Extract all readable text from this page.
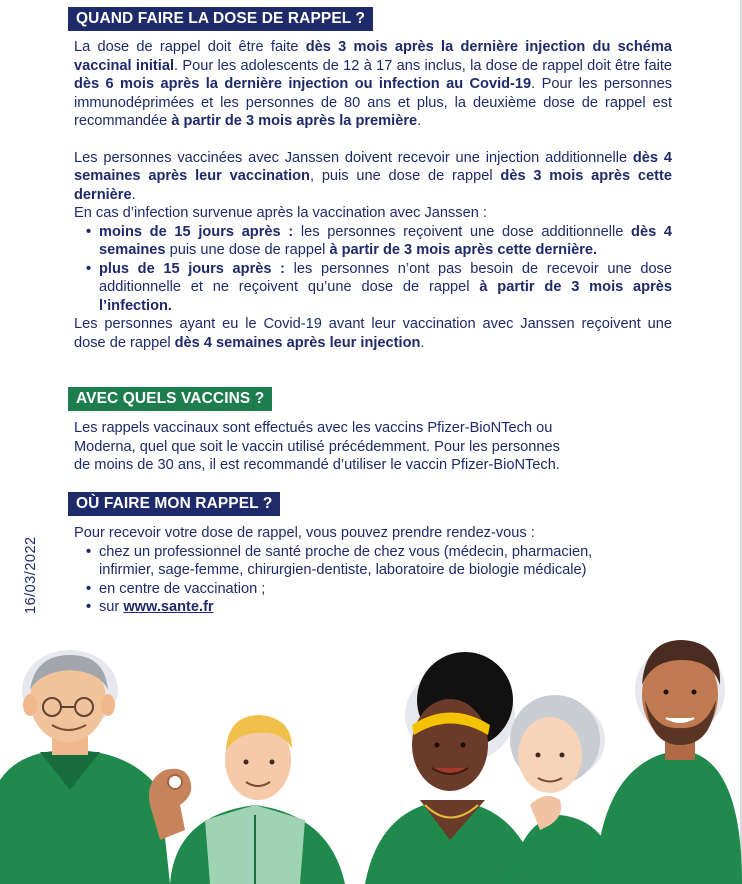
16/03/2022
QUAND FAIRE LA DOSE DE RAPPEL ?

La dose de rappel doit être faite dès 3 mois après la dernière injection du schéma vaccinal initial. Pour les adolescents de 12 à 17 ans inclus, la dose de rappel doit être faite dès 6 mois après la dernière injection ou infection au Covid-19. Pour les personnes immunodéprimées et les personnes de 80 ans et plus, la deuxième dose de rappel est recommandée à partir de 3 mois après la première.

Les personnes vaccinées avec Janssen doivent recevoir une injection additionnelle dès 4 semaines après leur vaccination, puis une dose de rappel dès 3 mois après cette dernière.

En cas d’infection survenue après la vaccination avec Janssen :

• moins de 15 jours après : les personnes reçoivent une dose additionnelle dès 4 semaines puis une dose de rappel à partir de 3 mois après cette dernière.
• plus de 15 jours après : les personnes n’ont pas besoin de recevoir une dose additionnelle et ne reçoivent qu’une dose de rappel à partir de 3 mois après l’infection.

Les personnes ayant eu le Covid-19 avant leur vaccination avec Janssen reçoivent une dose de rappel dès 4 semaines après leur injection.

AVEC QUELS VACCINS ?

Les rappels vaccinaux sont effectués avec les vaccins Pfizer-BioNTech ou

Moderna, quel que soit le vaccin utilisé précédemment. Pour les personnes

de moins de 30 ans, il est recommandé d’utiliser le vaccin Pfizer-BioNTech.

OÙ FAIRE MON RAPPEL ?

Pour recevoir votre dose de rappel, vous pouvez prendre rendez-vous :

• chez un professionnel de santé proche de chez vous (médecin, pharmacien,
infirmier, sage-femme, chirurgien-dentiste, laboratoire de biologie médicale)
• en centre de vaccination ;
• sur www.sante.fr
